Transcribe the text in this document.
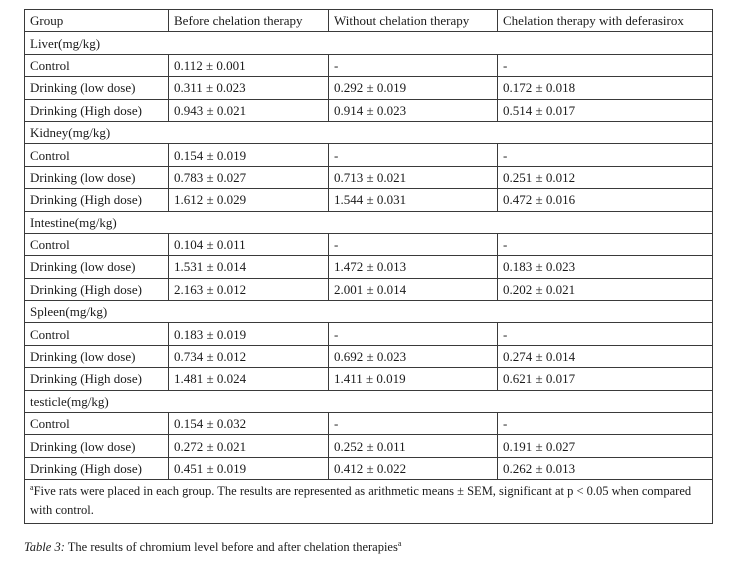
Group	Before chelation therapy	Without chelation therapy	Chelation therapy with deferasirox
Liver(mg/kg)			
Control	0.112 ± 0.001	-	-
Drinking (low dose)	0.311 ± 0.023	0.292 ± 0.019	0.172 ± 0.018
Drinking (High dose)	0.943 ± 0.021	0.914 ± 0.023	0.514 ± 0.017
Kidney(mg/kg)			
Control	0.154 ± 0.019	-	-
Drinking (low dose)	0.783 ± 0.027	0.713 ± 0.021	0.251 ± 0.012
Drinking (High dose)	1.612 ± 0.029	1.544 ± 0.031	0.472 ± 0.016
Intestine(mg/kg)			
Control	0.104 ± 0.011	-	-
Drinking (low dose)	1.531 ± 0.014	1.472 ± 0.013	0.183 ± 0.023
Drinking (High dose)	2.163 ± 0.012	2.001 ± 0.014	0.202 ± 0.021
Spleen(mg/kg)			
Control	0.183 ± 0.019	-	-
Drinking (low dose)	0.734 ± 0.012	0.692 ± 0.023	0.274 ± 0.014
Drinking (High dose)	1.481 ± 0.024	1.411 ± 0.019	0.621 ± 0.017
testicle(mg/kg)			
Control	0.154 ± 0.032	-	-
Drinking (low dose)	0.272 ± 0.021	0.252 ± 0.011	0.191 ± 0.027
Drinking (High dose)	0.451 ± 0.019	0.412 ± 0.022	0.262 ± 0.013
$^a$Five rats were placed in each group. The results are represented as arithmetic means ± SEM, significant at p < 0.05 when compared with control.			
Table 3: The results of chromium level before and after chelation therapies$^a$
